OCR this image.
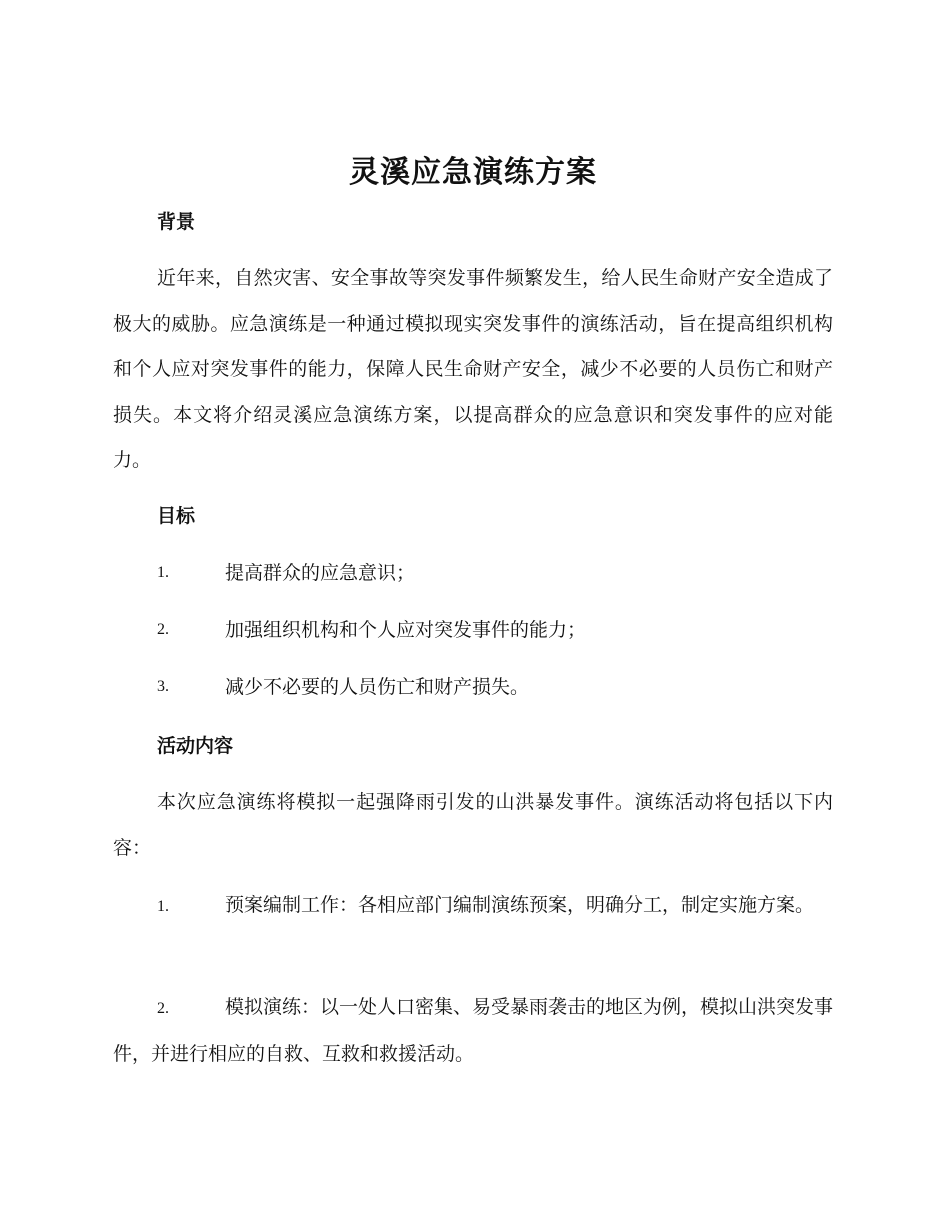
灵溪应急演练方案
背景

近年来，自然灾害、安全事故等突发事件频繁发生，给人民生命财产安全造成了极大的威胁。应急演练是一种通过模拟现实突发事件的演练活动，旨在提高组织机构和个人应对突发事件的能力，保障人民生命财产安全，减少不必要的人员伤亡和财产损失。本文将介绍灵溪应急演练方案，以提高群众的应急意识和突发事件的应对能力。

目标
1.	提高群众的应急意识；
2.	加强组织机构和个人应对突发事件的能力；
3.	减少不必要的人员伤亡和财产损失。
活动内容

本次应急演练将模拟一起强降雨引发的山洪暴发事件。演练活动将包括以下内容：

1.	预案编制工作：各相应部门编制演练预案，明确分工，制定实施方案。

2.	模拟演练：以一处人口密集、易受暴雨袭击的地区为例，模拟山洪突发事件，并进行相应的自救、互救和救援活动。
